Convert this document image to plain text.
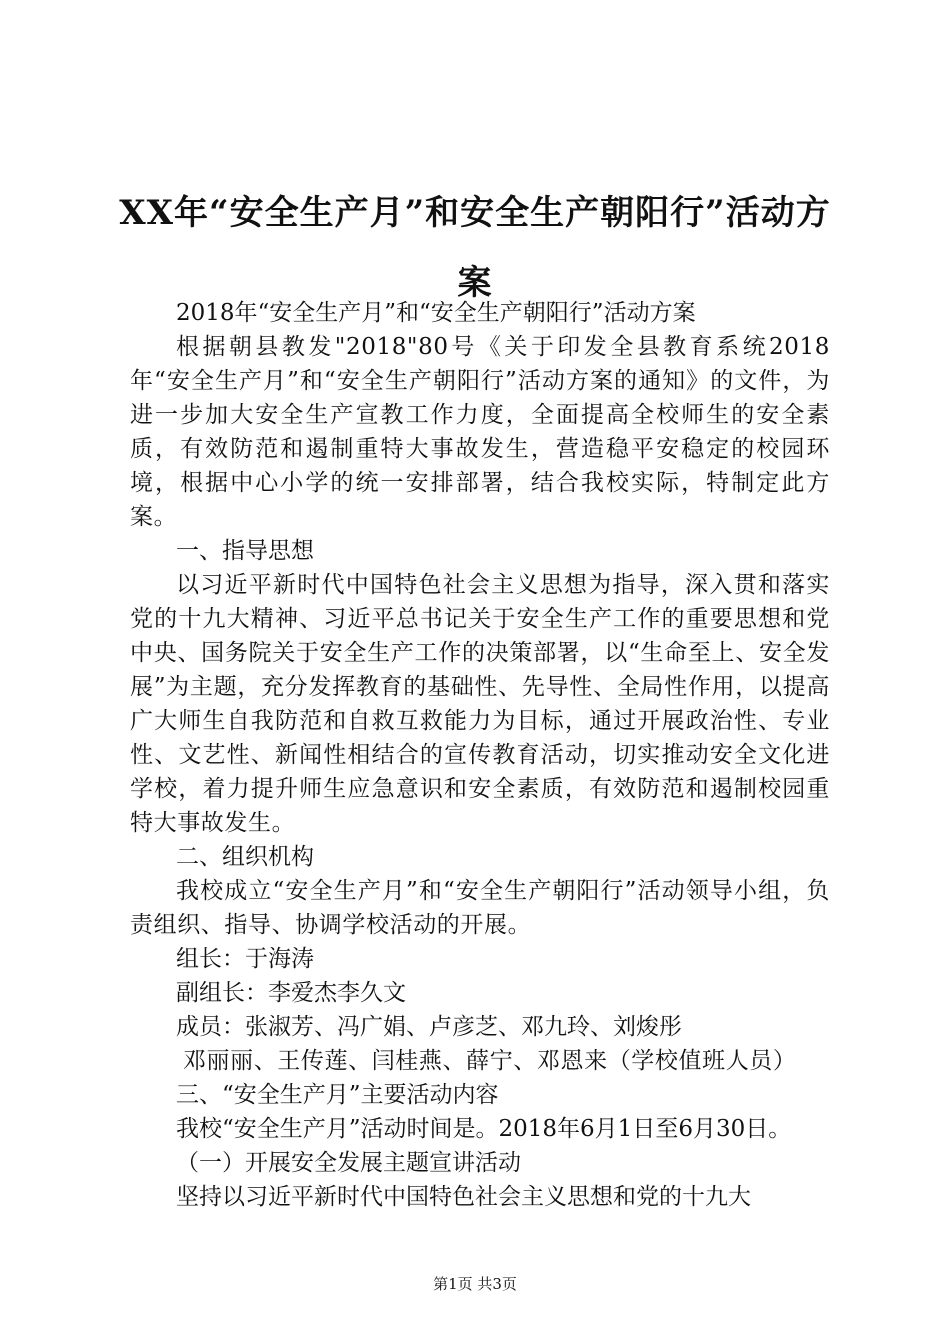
XX年“安全生产月”和安全生产朝阳行”活动方案

2018年“安全生产月”和“安全生产朝阳行”活动方案

根据朝县教发"2018"80号《关于印发全县教育系统2018年“安全生产月”和“安全生产朝阳行”活动方案的通知》的文件，为进一步加大安全生产宣教工作力度，全面提高全校师生的安全素质，有效防范和遏制重特大事故发生，营造稳平安稳定的校园环境，根据中心小学的统一安排部署，结合我校实际，特制定此方案。

一、指导思想

以习近平新时代中国特色社会主义思想为指导，深入贯和落实党的十九大精神、习近平总书记关于安全生产工作的重要思想和党中央、国务院关于安全生产工作的决策部署，以“生命至上、安全发展”为主题，充分发挥教育的基础性、先导性、全局性作用，以提高广大师生自我防范和自救互救能力为目标，通过开展政治性、专业性、文艺性、新闻性相结合的宣传教育活动，切实推动安全文化进学校，着力提升师生应急意识和安全素质，有效防范和遏制校园重特大事故发生。

二、组织机构

我校成立“安全生产月”和“安全生产朝阳行”活动领导小组，负责组织、指导、协调学校活动的开展。

组长：于海涛

副组长：李爱杰李久文

成员：张淑芳、冯广娟、卢彦芝、邓九玲、刘焌彤

邓丽丽、王传莲、闫桂燕、薛宁、邓恩来（学校值班人员）

三、“安全生产月”主要活动内容

我校“安全生产月”活动时间是。2018年6月1日至6月30日。

（一）开展安全发展主题宣讲活动

坚持以习近平新时代中国特色社会主义思想和党的十九大

第1页 共3页
